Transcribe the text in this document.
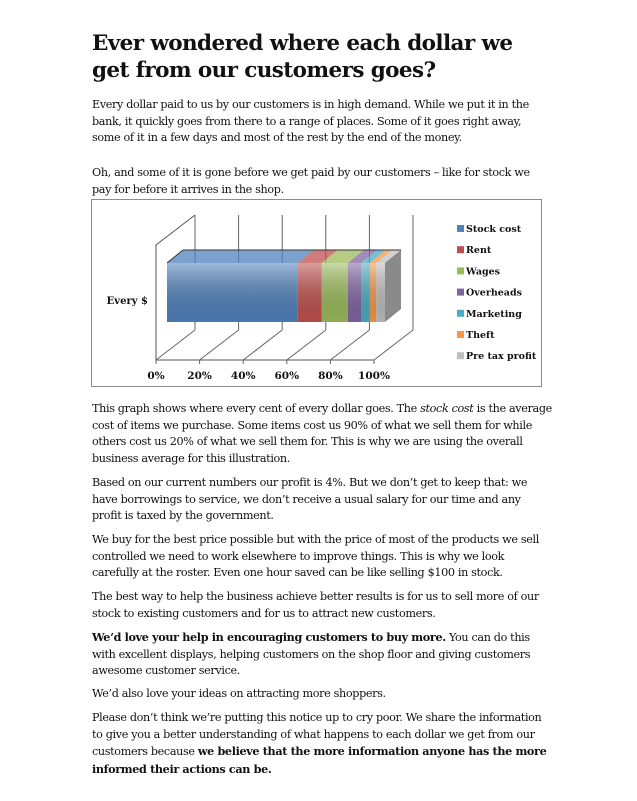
Ever wondered where each dollar we get from our customers goes?

Every dollar paid to us by our customers is in high demand. While we put it in the bank, it quickly goes from there to a range of places. Some of it goes right away, some of it in a few days and most of the rest by the end of the money.

Oh, and some of it is gone before we get paid by our customers – like for stock we pay for before it arrives in the shop.

This graph shows where every cent of every dollar goes. The stock cost is the average cost of items we purchase. Some items cost us 90% of what we sell them for while others cost us 20% of what we sell them for. This is why we are using the overall business average for this illustration.

Based on our current numbers our profit is 4%. But we don’t get to keep that: we have borrowings to service, we don’t receive a usual salary for our time and any profit is taxed by the government.

We buy for the best price possible but with the price of most of the products we sell controlled we need to work elsewhere to improve things. This is why we look carefully at the roster. Even one hour saved can be like selling $100 in stock.

The best way to help the business achieve better results is for us to sell more of our stock to existing customers and for us to attract new customers.

We’d love your help in encouraging customers to buy more. You can do this with excellent displays, helping customers on the shop floor and giving customers awesome customer service.

We’d also love your ideas on attracting more shoppers.

Please don’t think we’re putting this notice up to cry poor. We share the information to give you a better understanding of what happens to each dollar we get from our customers because we believe that the more information anyone has the more informed their actions can be.

0% 20% 40% 60% 80% 100%
Every $
Stock cost
Rent
Wages
Overheads
Marketing
Theft
Pre tax profit
